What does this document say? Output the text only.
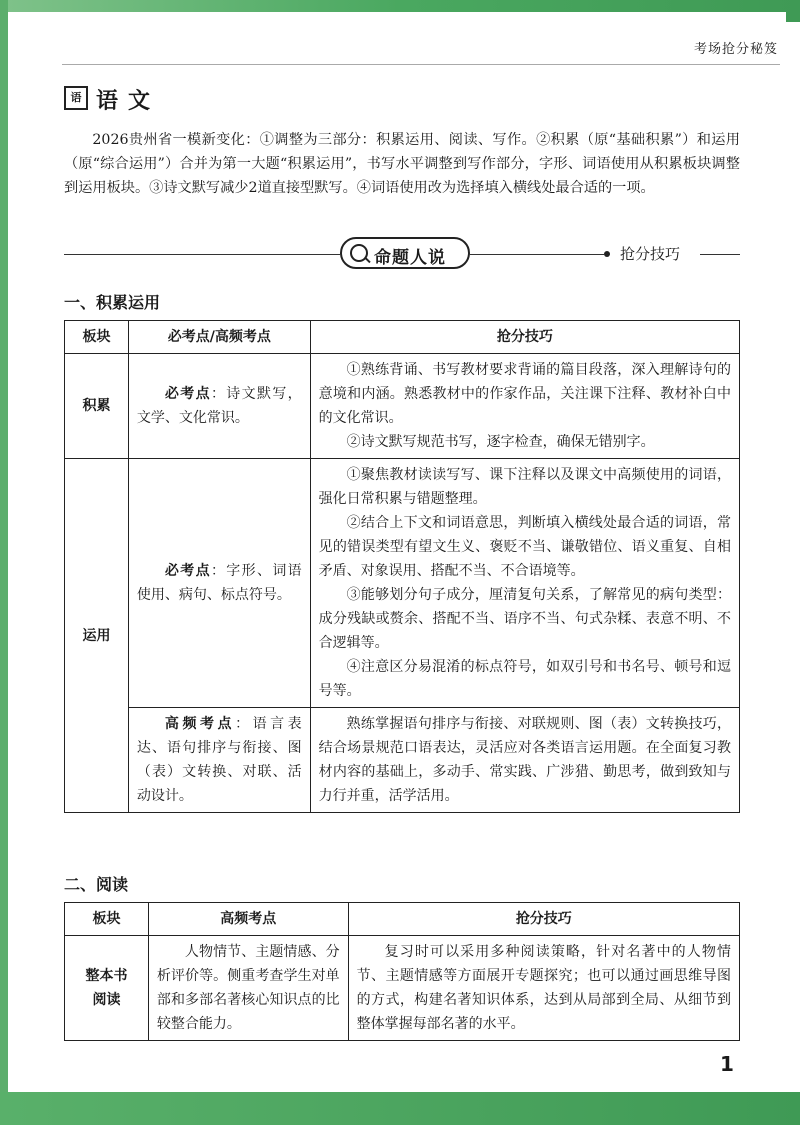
考场抢分秘笈
语 语文
2026贵州省一模新变化：①调整为三部分：积累运用、阅读、写作。②积累（原“基础积累”）和运用（原“综合运用”）合并为第一大题“积累运用”，书写水平调整到写作部分，字形、词语使用从积累板块调整到运用板块。③诗文默写减少2道直接型默写。④词语使用改为选择填入横线处最合适的一项。
命题人说	抢分技巧
一、积累运用
板块	必考点/高频考点	抢分技巧
积累	必考点：诗文默写，文学、文化常识。	①熟练背诵、书写教材要求背诵的篇目段落，深入理解诗句的意境和内涵。熟悉教材中的作家作品，关注课下注释、教材补白中的文化常识。

②诗文默写规范书写，逐字检查，确保无错别字。

运用	必考点：字形、词语使用、病句、标点符号。	①聚焦教材读读写写、课下注释以及课文中高频使用的词语，强化日常积累与错题整理。

②结合上下文和词语意思，判断填入横线处最合适的词语，常见的错误类型有望文生义、褒贬不当、谦敬错位、语义重复、自相矛盾、对象误用、搭配不当、不合语境等。

③能够划分句子成分，厘清复句关系，了解常见的病句类型：成分残缺或赘余、搭配不当、语序不当、句式杂糅、表意不明、不合逻辑等。

④注意区分易混淆的标点符号，如双引号和书名号、顿号和逗号等。

	高频考点：语言表达、语句排序与衔接、图（表）文转换、对联、活动设计。	熟练掌握语句排序与衔接、对联规则、图（表）文转换技巧，结合场景规范口语表达，灵活应对各类语言运用题。在全面复习教材内容的基础上，多动手、常实践、广涉猎、勤思考，做到致知与力行并重，活学活用。

二、阅读
板块	高频考点	抢分技巧
整本书阅读	人物情节、主题情感、分析评价等。侧重考查学生对单部和多部名著核心知识点的比较整合能力。	复习时可以采用多种阅读策略，针对名著中的人物情节、主题情感等方面展开专题探究；也可以通过画思维导图的方式，构建名著知识体系，达到从局部到全局、从细节到整体掌握每部名著的水平。

1
